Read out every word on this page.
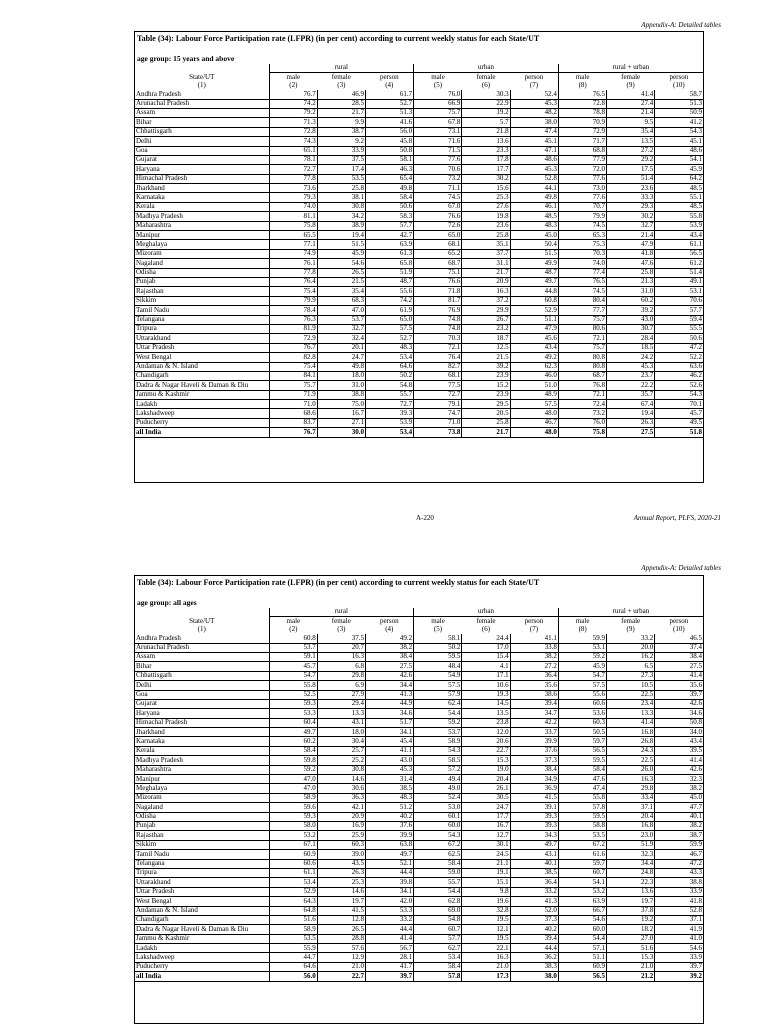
Appendix-A: Detailed tables
Table (34): Labour Force Participation rate (LFPR) (in per cent) according to current weekly status for each State/UT
age group: 15 years and above
State/UT	rural			urban			rural + urban		
	male	female	person	male	female	person	male	female	person
(1)	(2)	(3)	(4)	(5)	(6)	(7)	(8)	(9)	(10)
Andhra Pradesh	76.7	46.9	61.7	76.0	30.3	52.4	76.5	41.4	58.7
Arunachal Pradesh	74.2	28.5	52.7	66.9	22.9	45.3	72.8	27.4	51.3
Assam	79.2	21.7	51.3	75.7	19.2	48.2	78.8	21.4	50.9
Bihar	71.3	9.9	41.6	67.8	5.7	38.0	70.9	9.5	41.2
Chhattisgarh	72.8	38.7	56.0	73.1	21.8	47.4	72.9	35.4	54.3
Delhi	74.3	9.2	45.8	71.6	13.6	45.1	71.7	13.5	45.1
Goa	65.1	33.9	50.8	71.5	23.3	47.1	68.8	27.2	48.6
Gujarat	78.1	37.5	58.1	77.6	17.8	48.6	77.9	29.2	54.1
Haryana	72.7	17.4	46.3	70.6	17.7	45.3	72.0	17.5	45.9
Himachal Pradesh	77.8	53.5	65.4	73.2	30.2	52.8	77.6	51.4	64.2
Jharkhand	73.6	25.8	49.8	71.1	15.6	44.1	73.0	23.6	48.5
Karnataka	79.3	38.1	58.4	74.5	25.3	49.8	77.6	33.3	55.1
Kerala	74.0	30.8	50.6	67.0	27.6	46.1	70.7	29.3	48.5
Madhya Pradesh	81.1	34.2	58.3	76.6	19.8	48.5	79.9	30.2	55.8
Maharashtra	75.8	38.9	57.7	72.6	23.6	48.3	74.5	32.7	53.9
Manipur	65.5	19.4	42.7	65.0	25.8	45.0	65.3	21.4	43.4
Meghalaya	77.1	51.5	63.9	68.1	35.1	50.4	75.3	47.9	61.1
Mizoram	74.9	45.9	61.3	65.2	37.7	51.5	70.3	41.8	56.5
Nagaland	76.1	54.6	65.8	68.7	31.1	49.9	74.0	47.6	61.2
Odisha	77.8	26.5	51.9	75.1	21.7	48.7	77.4	25.8	51.4
Punjab	76.4	21.5	48.7	76.6	20.9	49.7	76.5	21.3	49.1
Rajasthan	75.4	35.4	55.6	71.8	16.3	44.8	74.5	31.0	53.1
Sikkim	79.9	68.3	74.2	81.7	37.2	60.8	80.4	60.2	70.6
Tamil Nadu	78.4	47.0	61.9	76.9	29.9	52.9	77.7	39.2	57.7
Telangana	76.3	53.7	65.0	74.8	26.7	51.1	75.7	43.0	59.4
Tripura	81.9	32.7	57.5	74.8	23.2	47.9	80.6	30.7	55.5
Uttarakhand	72.9	32.4	52.7	70.3	18.7	45.6	72.1	28.4	50.6
Uttar Pradesh	76.7	20.1	48.3	72.1	12.5	43.4	75.7	18.5	47.2
West Bengal	82.8	24.7	53.4	76.4	21.5	49.2	80.8	24.2	52.2
Andaman & N. Island	75.4	49.8	64.6	82.7	39.2	62.3	80.8	45.3	63.6
Chandigarh	84.1	18.0	50.2	68.1	23.9	46.0	68.7	23.7	46.2
Dadra & Nagar Haveli & Daman & Diu	75.7	31.0	54.8	77.5	15.2	51.0	76.8	22.2	52.6
Jammu & Kashmir	71.9	38.8	55.7	72.7	23.9	48.9	72.1	35.7	54.3
Ladakh	71.0	75.0	72.7	79.1	29.5	57.5	72.4	67.4	70.1
Lakshadweep	68.6	16.7	39.3	74.7	20.5	48.0	73.2	19.4	45.7
Puducherry	83.7	27.1	53.9	71.0	25.8	46.7	76.0	26.3	49.5
all India	76.7	30.0	53.4	73.8	21.7	48.0	75.8	27.5	51.8
A-220	Annual Report, PLFS, 2020-21
Appendix-A: Detailed tables
Table (34): Labour Force Participation rate (LFPR) (in per cent) according to current weekly status for each State/UT
age group: all ages
State/UT	rural			urban			rural + urban		
	male	female	person	male	female	person	male	female	person
(1)	(2)	(3)	(4)	(5)	(6)	(7)	(8)	(9)	(10)
Andhra Pradesh	60.8	37.5	49.2	58.1	24.4	41.1	59.9	33.2	46.5
Arunachal Pradesh	53.7	20.7	38.2	50.2	17.0	33.8	53.1	20.0	37.4
Assam	59.1	16.3	38.4	59.5	15.4	38.2	59.2	16.2	38.4
Bihar	45.7	6.8	27.5	48.4	4.1	27.2	45.9	6.5	27.5
Chhattisgarh	54.7	29.8	42.6	54.9	17.1	36.4	54.7	27.3	41.4
Delhi	55.8	6.9	34.4	57.5	10.6	35.6	57.5	10.5	35.6
Goa	52.5	27.9	41.3	57.9	19.3	38.6	55.6	22.5	39.7
Gujarat	59.3	29.4	44.9	62.4	14.5	39.4	60.6	23.4	42.6
Haryana	53.3	13.3	34.6	54.4	13.5	34.7	53.6	13.3	34.6
Himachal Pradesh	60.4	43.1	51.7	59.2	23.8	42.2	60.3	41.4	50.8
Jharkhand	49.7	18.0	34.1	53.7	12.0	33.7	50.5	16.8	34.0
Karnataka	60.2	30.4	45.4	58.9	20.6	39.9	59.7	26.8	43.4
Kerala	58.4	25.7	41.1	54.3	22.7	37.6	56.5	24.3	39.5
Madhya Pradesh	59.8	25.2	43.0	58.5	15.3	37.3	59.5	22.5	41.4
Maharashtra	59.2	30.8	45.3	57.2	19.0	38.4	58.4	26.0	42.6
Manipur	47.0	14.6	31.4	49.4	20.4	34.9	47.6	16.3	32.3
Meghalaya	47.0	30.6	38.5	49.0	26.1	36.9	47.4	29.8	38.2
Mizoram	58.9	36.3	48.3	52.4	30.5	41.5	55.8	33.4	45.0
Nagaland	59.6	42.1	51.2	53.0	24.7	39.1	57.8	37.1	47.7
Odisha	59.3	20.9	40.2	60.1	17.7	39.3	59.5	20.4	40.1
Punjab	58.0	16.9	37.6	60.0	16.7	39.3	58.8	16.8	38.2
Rajasthan	53.2	25.9	39.9	54.3	12.7	34.3	53.5	23.0	38.7
Sikkim	67.1	60.3	63.8	67.2	30.1	49.7	67.2	51.9	59.9
Tamil Nadu	60.9	39.0	49.7	62.5	24.5	43.1	61.6	32.3	46.7
Telangana	60.6	43.5	52.1	58.4	21.1	40.1	59.7	34.4	47.2
Tripura	61.1	26.3	44.4	59.0	19.1	38.5	60.7	24.8	43.3
Uttarakhand	53.4	25.3	39.8	55.7	15.1	36.4	54.1	22.3	38.8
Uttar Pradesh	52.9	14.6	34.1	54.4	9.8	33.2	53.2	13.6	33.9
West Bengal	64.3	19.7	42.0	62.8	19.6	41.3	63.9	19.7	41.8
Andaman & N. Island	64.8	41.5	53.3	69.0	32.8	52.0	66.7	37.8	52.8
Chandigarh	51.6	12.8	33.2	54.8	19.5	37.3	54.6	19.2	37.1
Dadra & Nagar Haveli & Daman & Diu	58.9	26.5	44.4	60.7	12.1	40.2	60.0	18.2	41.9
Jammu & Kashmir	53.5	28.8	41.4	57.7	19.5	39.4	54.4	27.0	41.0
Ladakh	55.9	57.6	56.7	62.7	22.1	44.4	57.1	51.6	54.6
Lakshadweep	44.7	12.9	28.1	53.4	16.3	36.2	51.1	15.3	33.9
Puducherry	64.6	21.0	41.7	58.4	21.0	38.3	60.9	21.0	39.7
all India	56.0	22.7	39.7	57.8	17.3	38.0	56.5	21.2	39.2
